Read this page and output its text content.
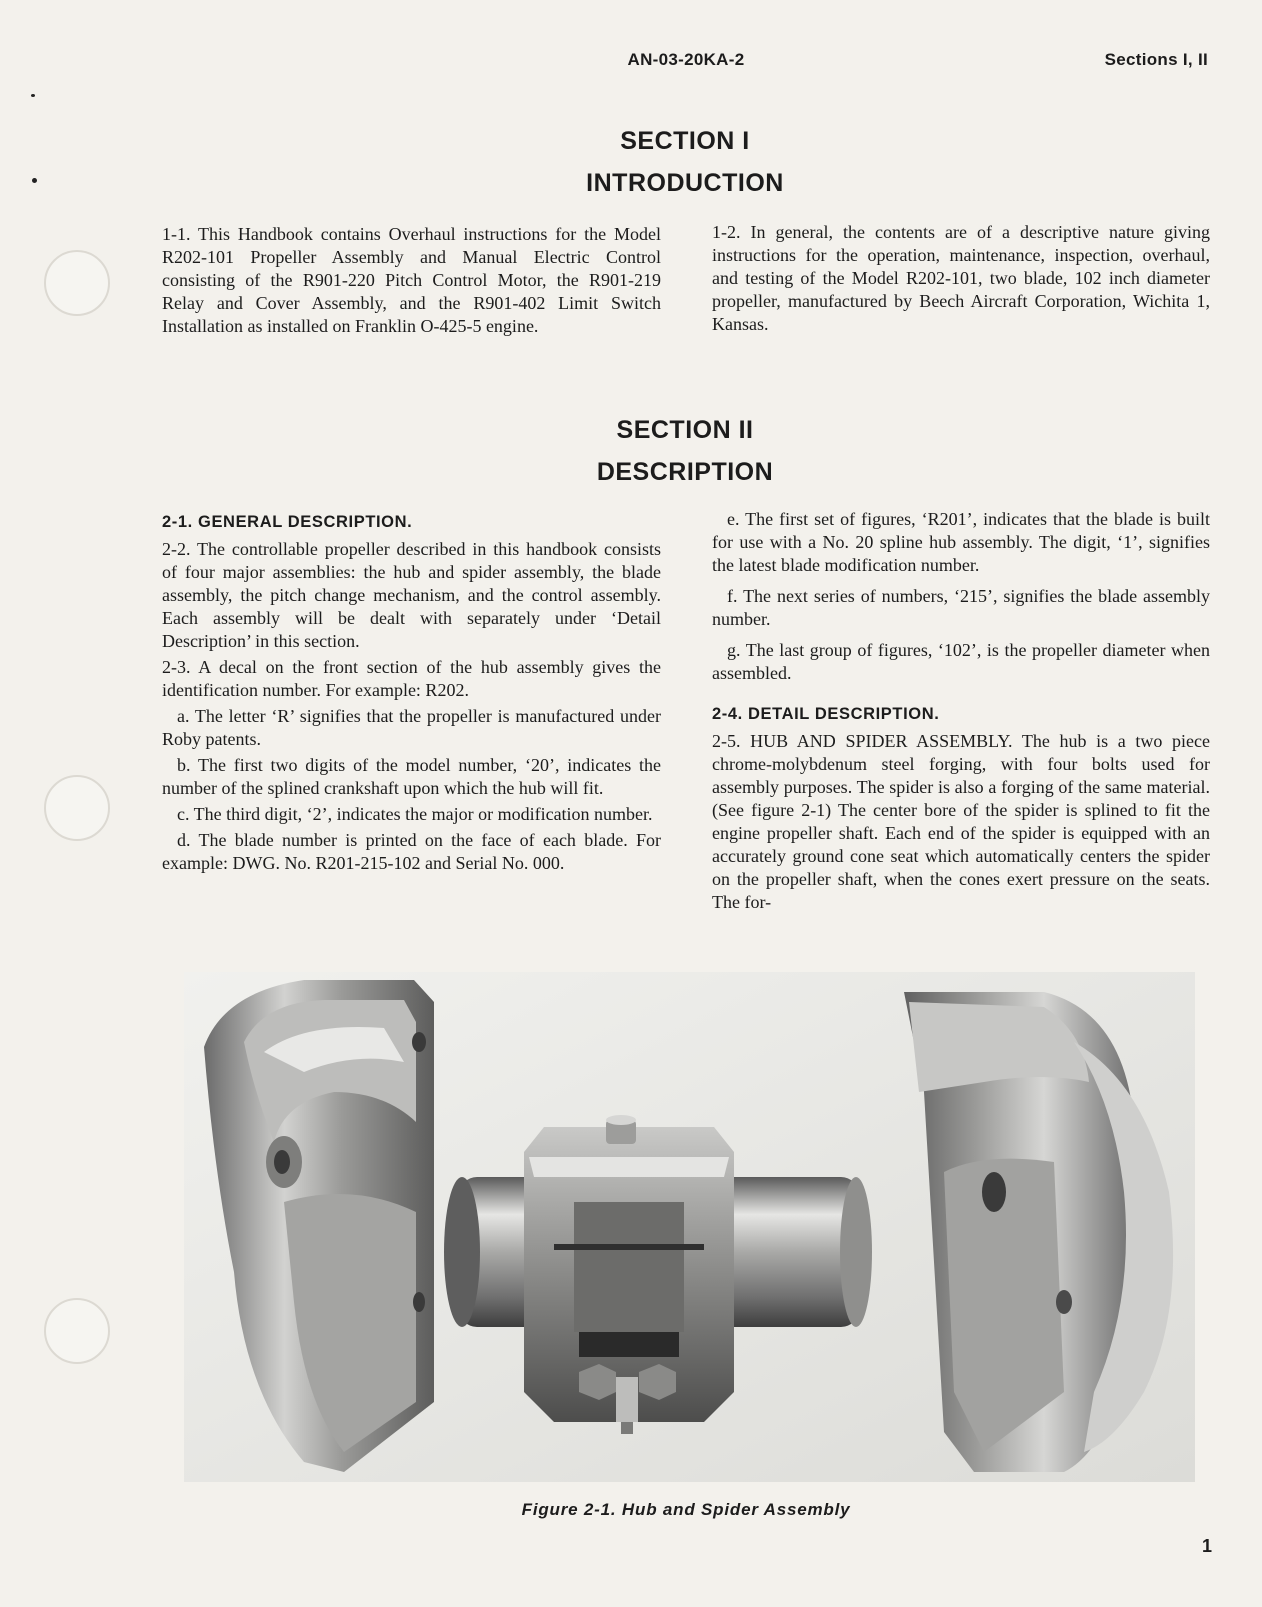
AN-03-20KA-2	Sections I, II
SECTION I
INTRODUCTION

1-1. This Handbook contains Overhaul instructions for the Model R202-101 Propeller Assembly and Manual Electric Control consisting of the R901-220 Pitch Control Motor, the R901-219 Relay and Cover Assembly, and the R901-402 Limit Switch Installation as installed on Franklin O-425-5 engine.

1-2. In general, the contents are of a descriptive nature giving instructions for the operation, maintenance, inspection, overhaul, and testing of the Model R202-101, two blade, 102 inch diameter propeller, manufactured by Beech Aircraft Corporation, Wichita 1, Kansas.

SECTION II
DESCRIPTION
2-1. GENERAL DESCRIPTION.

2-2. The controllable propeller described in this handbook consists of four major assemblies: the hub and spider assembly, the blade assembly, the pitch change mechanism, and the control assembly. Each assembly will be dealt with separately under ‘Detail Description’ in this section.

2-3. A decal on the front section of the hub assembly gives the identification number. For example: R202.

a. The letter ‘R’ signifies that the propeller is manufactured under Roby patents.

b. The first two digits of the model number, ‘20’, indicates the number of the splined crankshaft upon which the hub will fit.

c. The third digit, ‘2’, indicates the major or modification number.

d. The blade number is printed on the face of each blade. For example: DWG. No. R201-215-102 and Serial No. 000.

e. The first set of figures, ‘R201’, indicates that the blade is built for use with a No. 20 spline hub assembly. The digit, ‘1’, signifies the latest blade modification number.

f. The next series of numbers, ‘215’, signifies the blade assembly number.

g. The last group of figures, ‘102’, is the propeller diameter when assembled.

2-4. DETAIL DESCRIPTION.

2-5. HUB AND SPIDER ASSEMBLY. The hub is a two piece chrome-molybdenum steel forging, with four bolts used for assembly purposes. The spider is also a forging of the same material. (See figure 2-1) The center bore of the spider is splined to fit the engine propeller shaft. Each end of the spider is equipped with an accurately ground cone seat which automatically centers the spider on the propeller shaft, when the cones exert pressure on the seats. The for-

Figure 2-1. Hub and Spider Assembly
1
